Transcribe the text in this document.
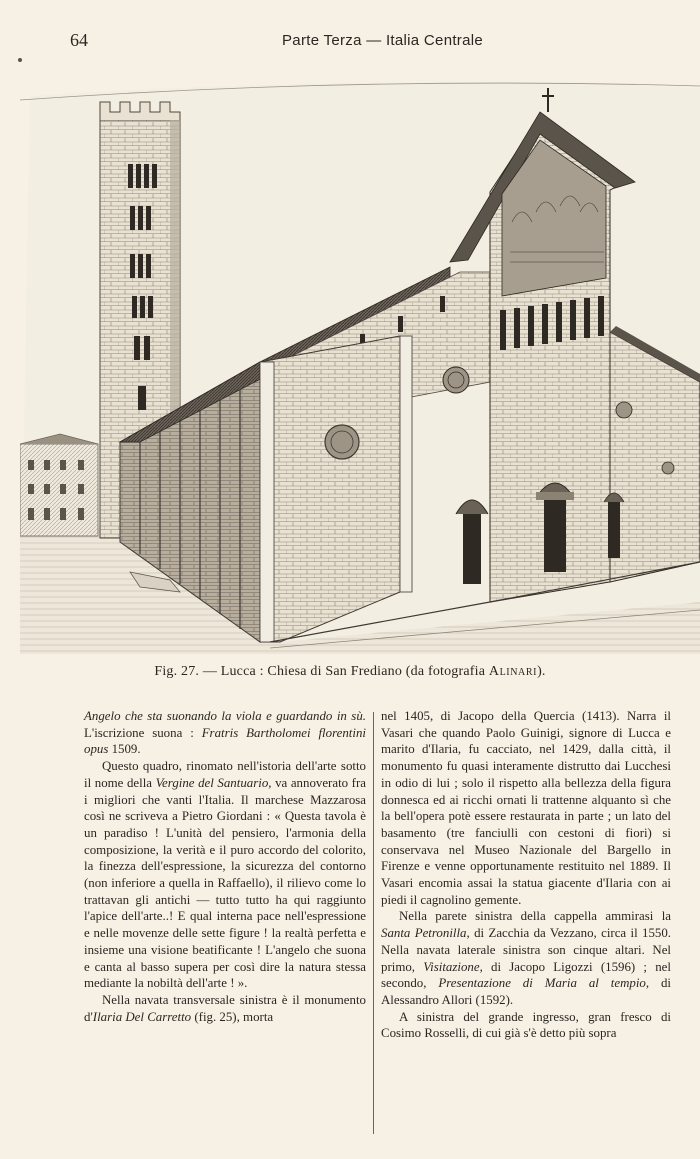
64	Parte Terza — Italia Centrale
Fig. 27. — Lucca : Chiesa di San Frediano (da fotografia Alinari).

Angelo che sta suonando la viola e guardando in sù. L'iscrizione suona : Fratris Bartholomei florentini opus 1509.

Questo quadro, rinomato nell'istoria dell'arte sotto il nome della Vergine del Santuario, va annoverato fra i migliori che vanti l'Italia. Il marchese Mazzarosa così ne scriveva a Pietro Giordani : « Questa tavola è un paradiso ! L'unità del pensiero, l'armonia della composizione, la verità e il puro accordo del colorito, la finezza dell'espressione, la sicurezza del contorno (non inferiore a quella in Raffaello), il rilievo come lo trattavan gli antichi — tutto tutto ha qui raggiunto l'apice dell'arte..! E qual interna pace nell'espressione e nelle movenze delle sette figure ! la realtà perfetta e insieme una visione beatificante ! L'angelo che suona e canta al basso supera per così dire la natura stessa mediante la nobiltà dell'arte ! ».

Nella navata transversale sinistra è il monumento d'Ilaria Del Carretto (fig. 25), morta

nel 1405, di Jacopo della Quercia (1413). Narra il Vasari che quando Paolo Guinigi, signore di Lucca e marito d'Ilaria, fu cacciato, nel 1429, dalla città, il monumento fu quasi interamente distrutto dai Lucchesi in odio di lui ; solo il rispetto alla bellezza della figura donnesca ed ai ricchi ornati li trattenne alquanto sì che la bell'opera potè essere restaurata in parte ; un lato del basamento (tre fanciulli con cestoni di fiori) si conservava nel Museo Nazionale del Bargello in Firenze e venne opportunamente restituito nel 1889. Il Vasari encomia assai la statua giacente d'Ilaria con ai piedi il cagnolino gemente.

Nella parete sinistra della cappella ammirasi la Santa Petronilla, di Zacchia da Vezzano, circa il 1550. Nella navata laterale sinistra son cinque altari. Nel primo, Visitazione, di Jacopo Ligozzi (1596) ; nel secondo, Presentazione di Maria al tempio, di Alessandro Allori (1592).

A sinistra del grande ingresso, gran fresco di Cosimo Rosselli, di cui già s'è detto più sopra
